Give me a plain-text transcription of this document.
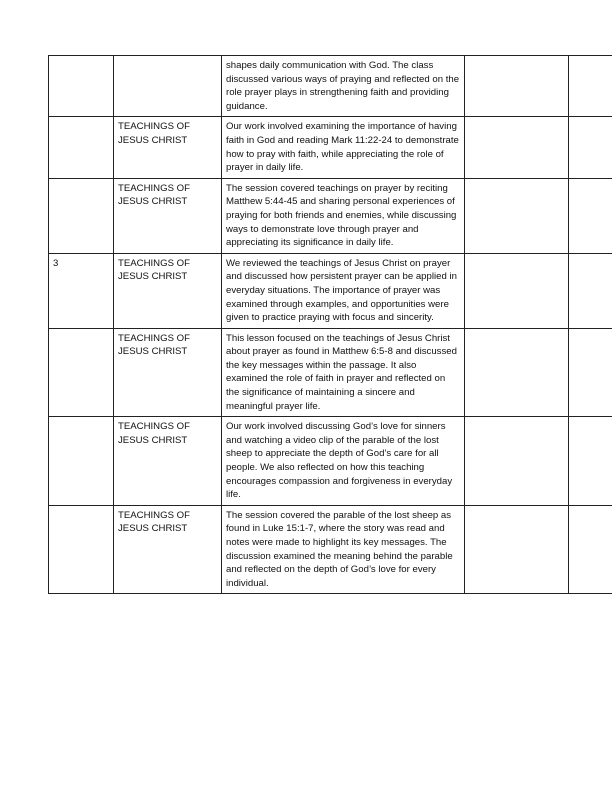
		shapes daily communication with God. The class discussed various ways of praying and reflected on the role prayer plays in strengthening faith and providing guidance.		

	TEACHINGS OF JESUS CHRIST	Our work involved examining the importance of having faith in God and reading Mark 11:22-24 to demonstrate how to pray with faith, while appreciating the role of prayer in daily life.		

	TEACHINGS OF JESUS CHRIST	The session covered teachings on prayer by reciting Matthew 5:44-45 and sharing personal experiences of praying for both friends and enemies, while discussing ways to demonstrate love through prayer and appreciating its significance in daily life.		

3	TEACHINGS OF JESUS CHRIST	We reviewed the teachings of Jesus Christ on prayer and discussed how persistent prayer can be applied in everyday situations. The importance of prayer was examined through examples, and opportunities were given to practice praying with focus and sincerity.		

	TEACHINGS OF JESUS CHRIST	This lesson focused on the teachings of Jesus Christ about prayer as found in Matthew 6:5-8 and discussed the key messages within the passage. It also examined the role of faith in prayer and reflected on the significance of maintaining a sincere and meaningful prayer life.		

	TEACHINGS OF JESUS CHRIST	Our work involved discussing God’s love for sinners and watching a video clip of the parable of the lost sheep to appreciate the depth of God’s care for all people. We also reflected on how this teaching encourages compassion and forgiveness in everyday life.		

	TEACHINGS OF JESUS CHRIST	The session covered the parable of the lost sheep as found in Luke 15:1-7, where the story was read and notes were made to highlight its key messages. The discussion examined the meaning behind the parable and reflected on the depth of God’s love for every individual.		
